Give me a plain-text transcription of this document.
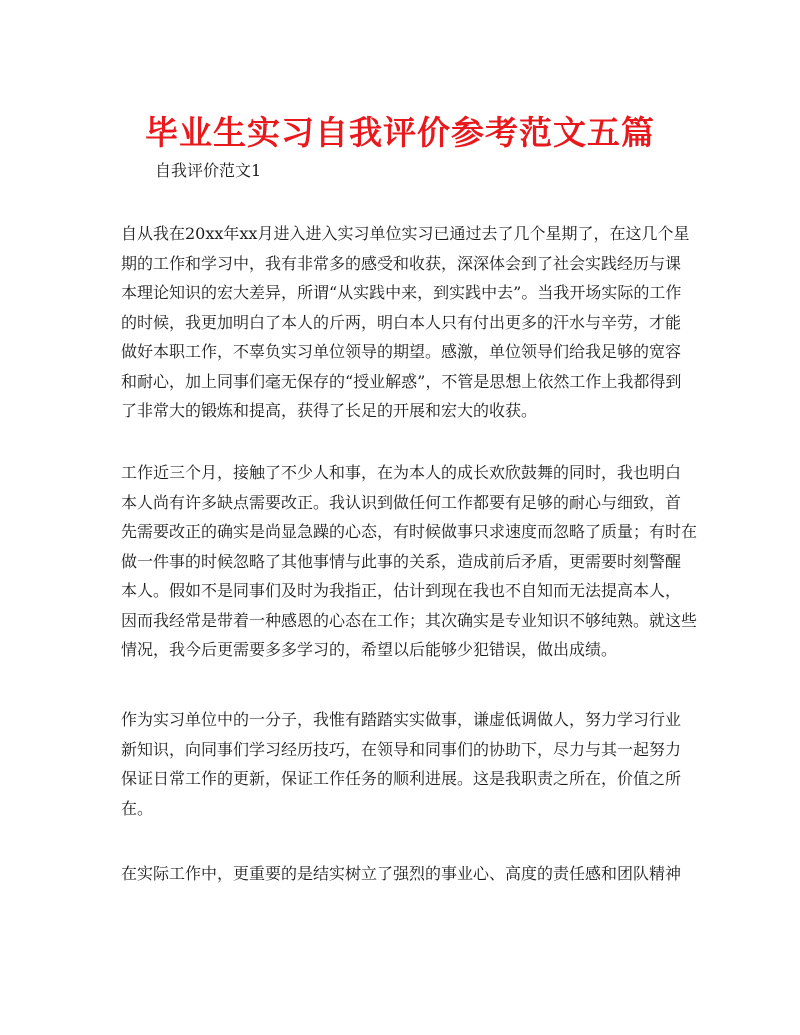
毕业生实习自我评价参考范文五篇
自我评价范文1
自从我在20xx年xx月进入进入实习单位实习已通过去了几个星期了，在这几个星
期的工作和学习中，我有非常多的感受和收获，深深体会到了社会实践经历与课
本理论知识的宏大差异，所谓“从实践中来，到实践中去”。当我开场实际的工作
的时候，我更加明白了本人的斤两，明白本人只有付出更多的汗水与辛劳，才能
做好本职工作，不辜负实习单位领导的期望。感激，单位领导们给我足够的宽容
和耐心，加上同事们毫无保存的“授业解惑”，不管是思想上依然工作上我都得到
了非常大的锻炼和提高，获得了长足的开展和宏大的收获。
工作近三个月，接触了不少人和事，在为本人的成长欢欣鼓舞的同时，我也明白
本人尚有许多缺点需要改正。我认识到做任何工作都要有足够的耐心与细致，首
先需要改正的确实是尚显急躁的心态，有时候做事只求速度而忽略了质量；有时在
做一件事的时候忽略了其他事情与此事的关系，造成前后矛盾，更需要时刻警醒
本人。假如不是同事们及时为我指正，估计到现在我也不自知而无法提高本人，
因而我经常是带着一种感恩的心态在工作；其次确实是专业知识不够纯熟。就这些
情况，我今后更需要多多学习的，希望以后能够少犯错误，做出成绩。
作为实习单位中的一分子，我惟有踏踏实实做事，谦虚低调做人，努力学习行业
新知识，向同事们学习经历技巧，在领导和同事们的协助下，尽力与其一起努力
保证日常工作的更新，保证工作任务的顺利进展。这是我职责之所在，价值之所
在。
在实际工作中，更重要的是结实树立了强烈的事业心、高度的责任感和团队精神
